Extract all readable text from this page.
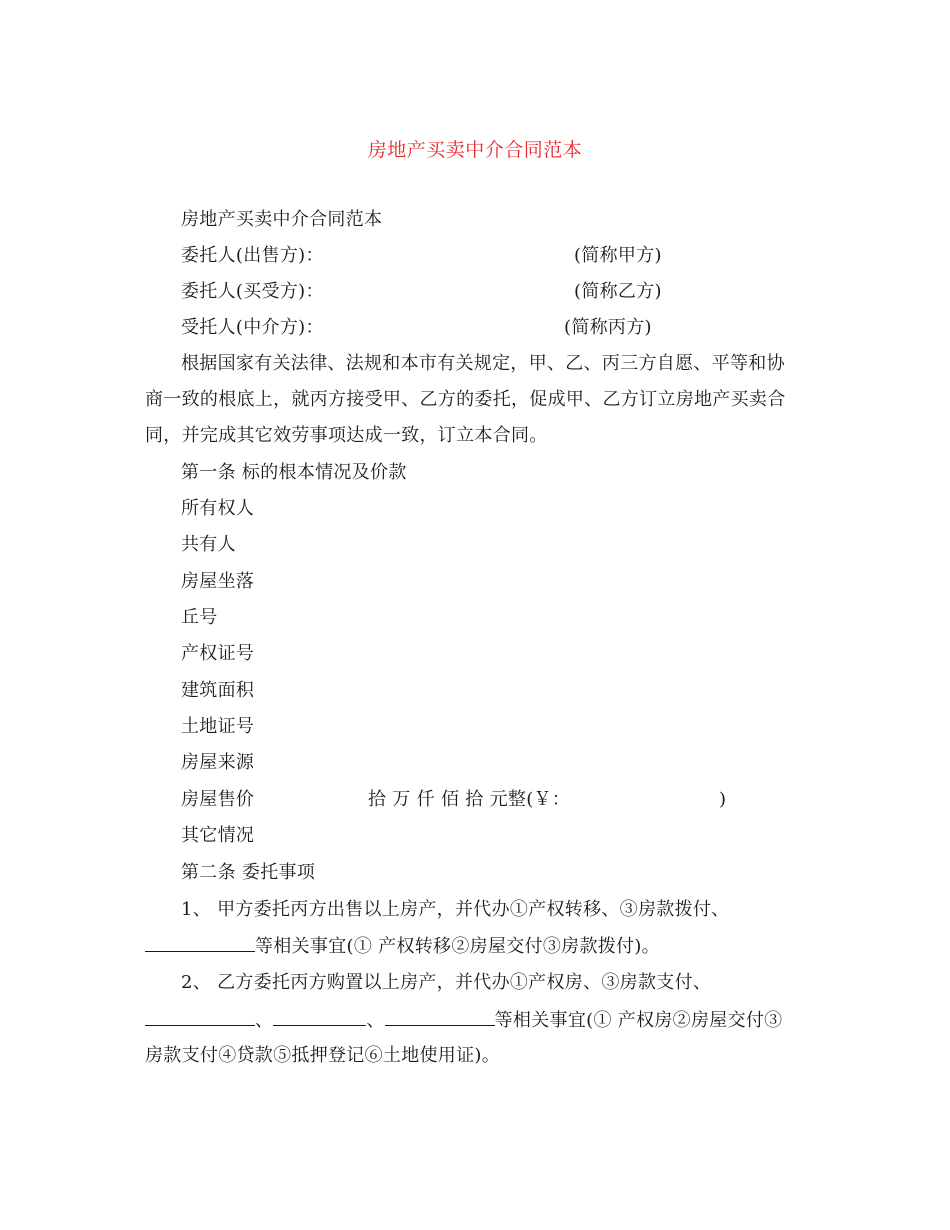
房地产买卖中介合同范本
房地产买卖中介合同范本
委托人(出售方)：	(简称甲方)
委托人(买受方)：	(简称乙方)
受托人(中介方)：	(简称丙方)
根据国家有关法律、法规和本市有关规定，甲、乙、丙三方自愿、平等和协
商一致的根底上，就丙方接受甲、乙方的委托，促成甲、乙方订立房地产买卖合
同，并完成其它效劳事项达成一致，订立本合同。
第一条 标的根本情况及价款
所有权人
共有人
房屋坐落
丘号
产权证号
建筑面积
土地证号
房屋来源
房屋售价	拾 万 仟 佰 拾 元整(￥：	)
其它情况
第二条 委托事项
1、 甲方委托丙方出售以上房产，并代办①产权转移、③房款拨付、
等相关事宜(① 产权转移②房屋交付③房款拨付)。
2、 乙方委托丙方购置以上房产，并代办①产权房、③房款支付、
、	、	等相关事宜(① 产权房②房屋交付③
房款支付④贷款⑤抵押登记⑥土地使用证)。
